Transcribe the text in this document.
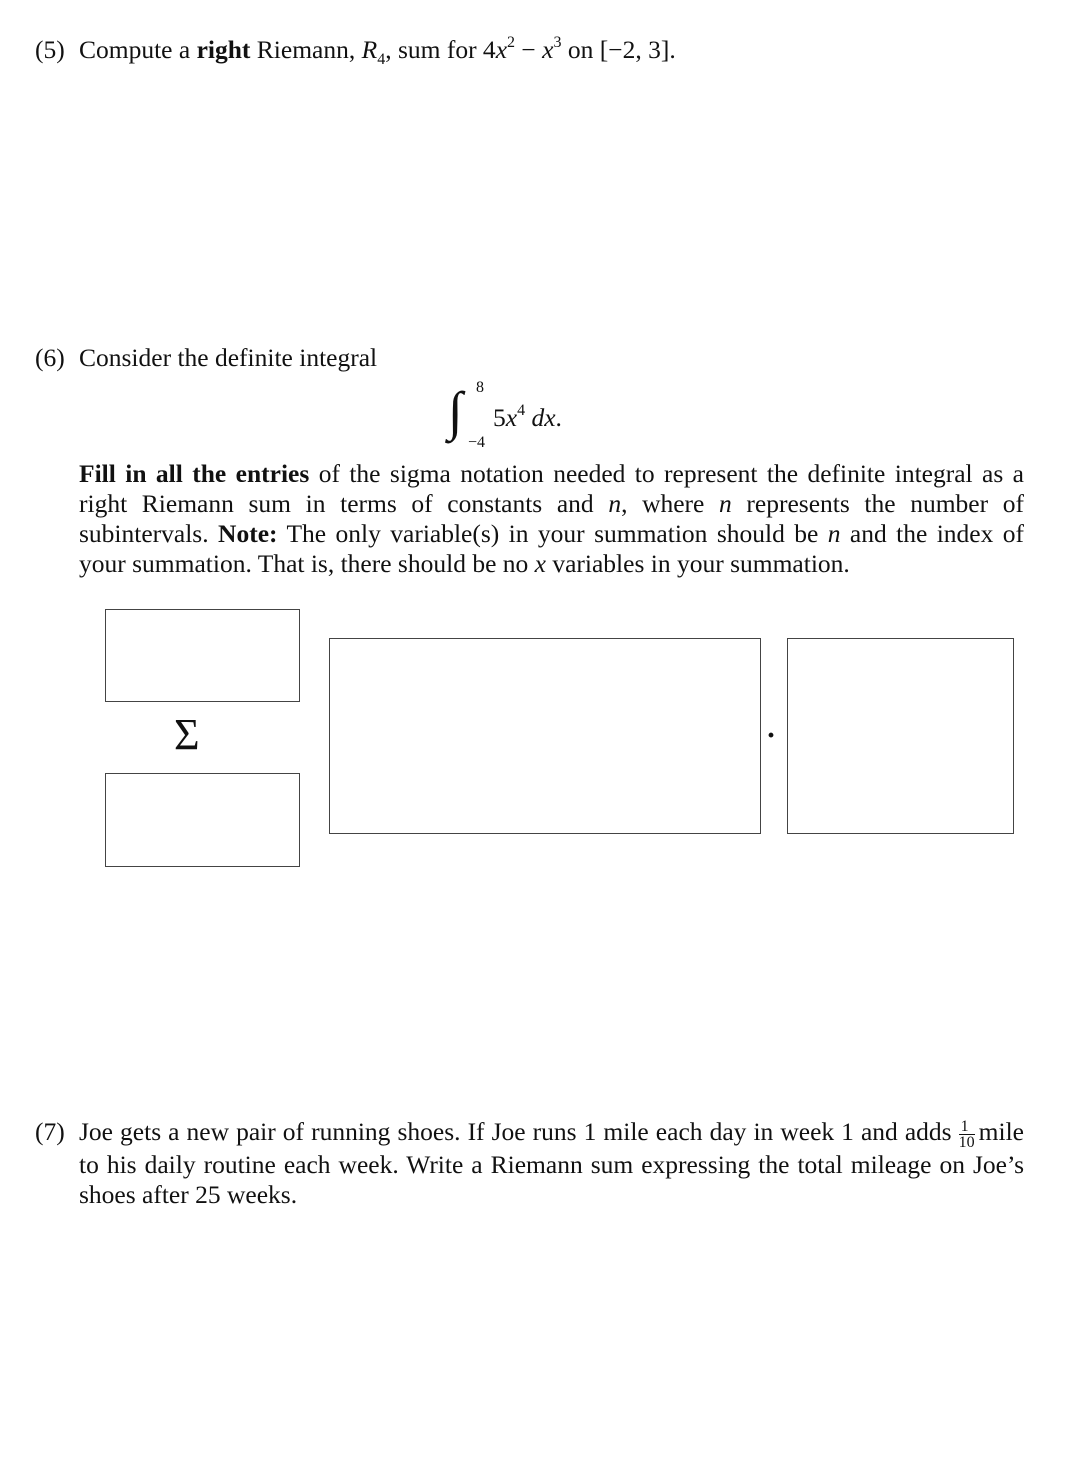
(5) Compute a right Riemann, $R_4$, sum for $4x^2 - x^3$ on [−2, 3].
(6) Consider the definite integral
∫ 8
−4
$5x^4$ dx.
Fill in all the entries of the sigma notation needed to represent the definite integral as a right Riemann sum in terms of constants and n, where n represents the number of subintervals. Note: The only variable(s) in your summation should be n and the index of your summation. That is, there should be no x variables in your summation.
Σ	·
(7) Joe gets a new pair of running shoes. If Joe runs 1 mile each day in week 1 and adds $\frac{1}{10}$ mile to his daily routine each week. Write a Riemann sum expressing the total mileage on Joe’s shoes after 25 weeks.
